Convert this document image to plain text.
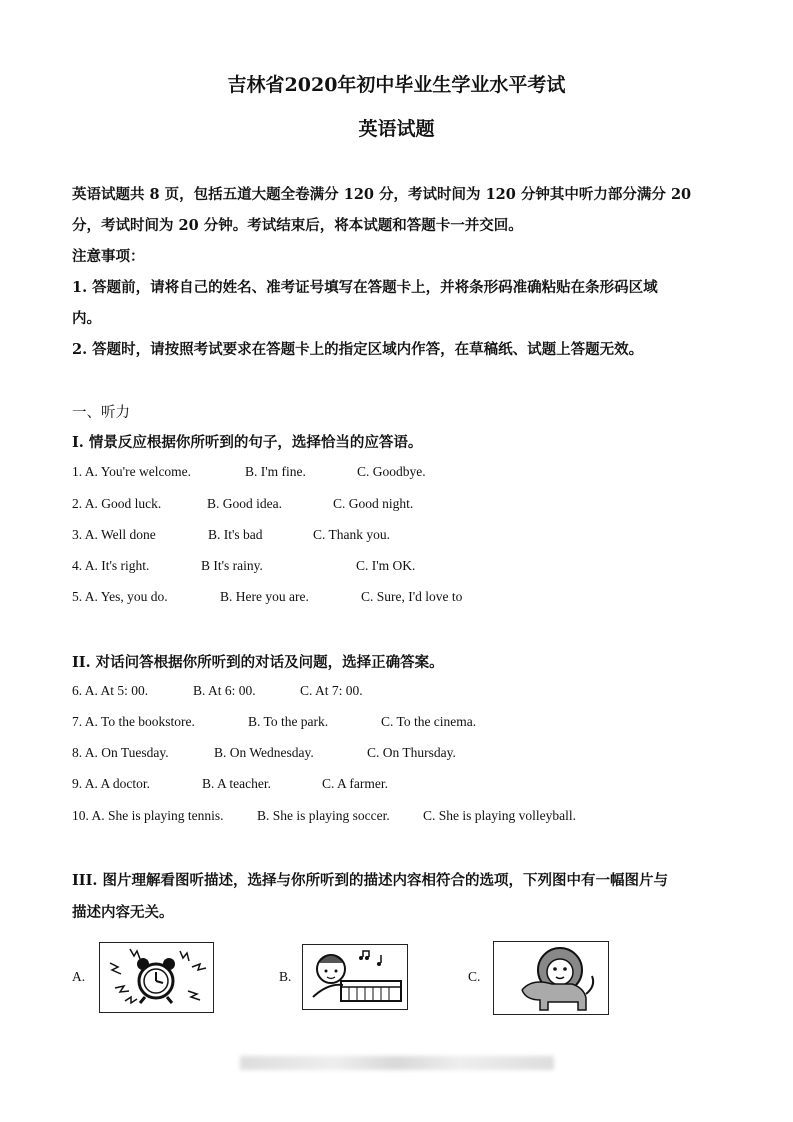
吉林省2020年初中毕业生学业水平考试
英语试题
英语试题共 8 页，包括五道大题全卷满分 120 分，考试时间为 120 分钟其中听力部分满分 20
分，考试时间为 20 分钟。考试结束后，将本试题和答题卡一并交回。
注意事项：
1. 答题前，请将自己的姓名、准考证号填写在答题卡上，并将条形码准确粘贴在条形码区域
内。
2. 答题时，请按照考试要求在答题卡上的指定区域内作答，在草稿纸、试题上答题无效。
一、听力
I. 情景反应根据你所听到的句子，选择恰当的应答语。
1. A. You're welcome.	B. I'm fine.	C. Goodbye.
2. A. Good luck.	B. Good idea.	C. Good night.
3. A. Well done	B. It's bad	C. Thank you.
4. A. It's right.	B It's rainy.	C. I'm OK.
5. A. Yes, you do.	B. Here you are.	C. Sure, I'd love to
II. 对话问答根据你所听到的对话及问题，选择正确答案。
6. A. At 5: 00.	B. At 6: 00.	C. At 7: 00.
7. A. To the bookstore.	B. To the park.	C. To the cinema.
8. A. On Tuesday.	B. On Wednesday.	C. On Thursday.
9. A. A doctor.	B. A teacher.	C. A farmer.
10. A. She is playing tennis. B. She is playing soccer. C. She is playing volleyball.
III. 图片理解看图听描述，选择与你所听到的描述内容相符合的选项，下列图中有一幅图片与
描述内容无关。
A.	B.	C.
